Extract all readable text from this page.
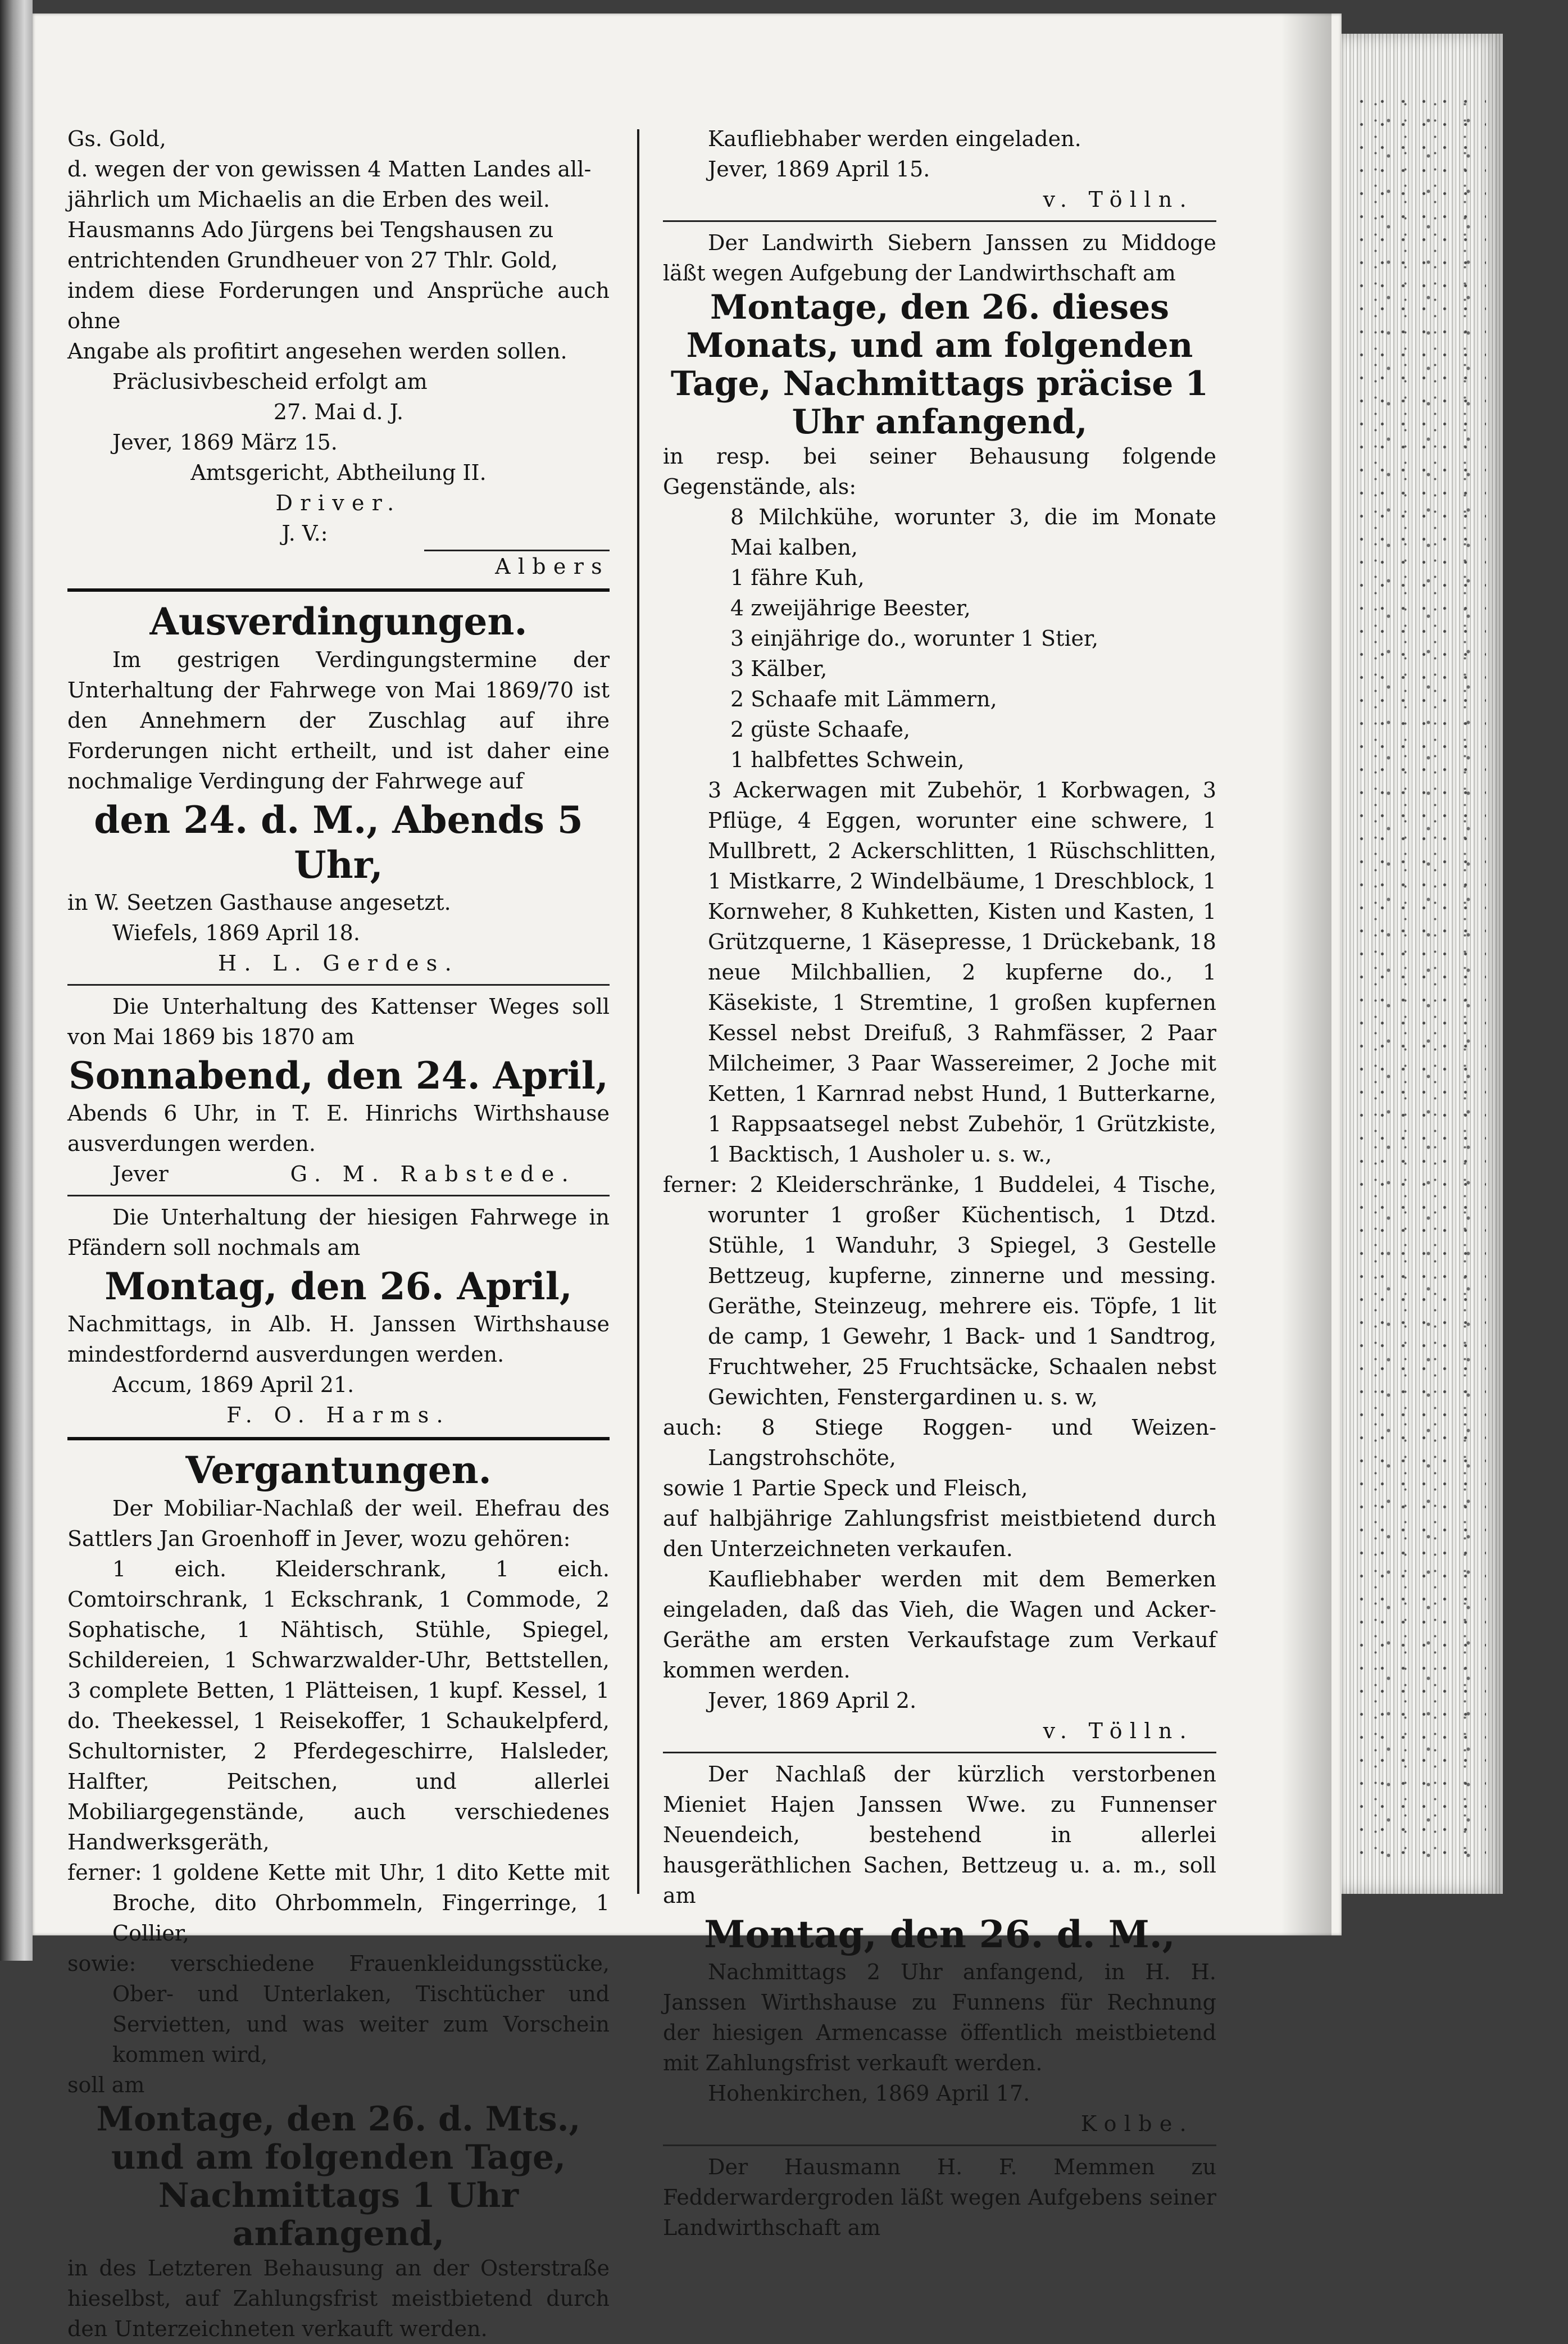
Gs. Gold,

d. wegen der von gewissen 4 Matten Landes all-

jährlich um Michaelis an die Erben des weil.

Hausmanns Ado Jürgens bei Tengshausen zu

entrichtenden Grundheuer von 27 Thlr. Gold,

indem diese Forderungen und Ansprüche auch ohne

Angabe als profitirt angesehen werden sollen.

Präclusivbescheid erfolgt am

27. Mai d. J.

Jever, 1869 März 15.

Amtsgericht, Abtheilung II.

Driver.

J. V.:

Albers

Ausverdingungen.

Im gestrigen Verdingungstermine der Unterhaltung der Fahrwege von Mai 1869/70 ist den Annehmern der Zuschlag auf ihre Forderungen nicht ertheilt, und ist daher eine nochmalige Verdingung der Fahrwege auf

den 24. d. M., Abends 5 Uhr,

in W. Seetzen Gasthause angesetzt.

Wiefels, 1869 April 18.

H. L. Gerdes.

Die Unterhaltung des Kattenser Weges soll von Mai 1869 bis 1870 am

Sonnabend, den 24. April,

Abends 6 Uhr, in T. E. Hinrichs Wirthshause ausverdungen werden.

Jever	G. M. Rabstede.

Die Unterhaltung der hiesigen Fahrwege in Pfändern soll nochmals am

Montag, den 26. April,

Nachmittags, in Alb. H. Janssen Wirthshause mindestfordernd ausverdungen werden.

Accum, 1869 April 21.

F. O. Harms.

Vergantungen.

Der Mobiliar-Nachlaß der weil. Ehefrau des Sattlers Jan Groenhoff in Jever, wozu gehören:

1 eich. Kleiderschrank, 1 eich. Comtoirschrank, 1 Eckschrank, 1 Commode, 2 Sophatische, 1 Nähtisch, Stühle, Spiegel, Schildereien, 1 Schwarzwalder-Uhr, Bettstellen, 3 complete Betten, 1 Plätteisen, 1 kupf. Kessel, 1 do. Theekessel, 1 Reisekoffer, 1 Schaukelpferd, Schultornister, 2 Pferdegeschirre, Halsleder, Halfter, Peitschen, und allerlei Mobiliargegenstände, auch verschiedenes Handwerksgeräth,

ferner: 1 goldene Kette mit Uhr, 1 dito Kette mit Broche, dito Ohrbommeln, Fingerringe, 1 Collier,

sowie: verschiedene Frauenkleidungsstücke, Ober- und Unterlaken, Tischtücher und Servietten, und was weiter zum Vorschein kommen wird,

soll am

Montage, den 26. d. Mts., und am folgenden Tage, Nachmittags 1 Uhr anfangend,

in des Letzteren Behausung an der Osterstraße hieselbst, auf Zahlungsfrist meistbietend durch den Unterzeichneten verkauft werden.

Kaufliebhaber werden eingeladen.

Jever, 1869 April 15.

v. Tölln.

Der Landwirth Siebern Janssen zu Middoge läßt wegen Aufgebung der Landwirthschaft am

Montage, den 26. dieses Monats, und am folgenden Tage, Nachmittags präcise 1 Uhr anfangend,

in resp. bei seiner Behausung folgende Gegenstände, als:

8 Milchkühe, worunter 3, die im Monate Mai kalben,

1 fähre Kuh,

4 zweijährige Beester,

3 einjährige do., worunter 1 Stier,

3 Kälber,

2 Schaafe mit Lämmern,

2 güste Schaafe,

1 halbfettes Schwein,

3 Ackerwagen mit Zubehör, 1 Korbwagen, 3 Pflüge, 4 Eggen, worunter eine schwere, 1 Mullbrett, 2 Ackerschlitten, 1 Rüschschlitten, 1 Mistkarre, 2 Windelbäume, 1 Dreschblock, 1 Kornweher, 8 Kuhketten, Kisten und Kasten, 1 Grützquerne, 1 Käsepresse, 1 Drückebank, 18 neue Milchballien, 2 kupferne do., 1 Käsekiste, 1 Stremtine, 1 großen kupfernen Kessel nebst Dreifuß, 3 Rahmfässer, 2 Paar Milcheimer, 3 Paar Wassereimer, 2 Joche mit Ketten, 1 Karnrad nebst Hund, 1 Butterkarne, 1 Rappsaatsegel nebst Zubehör, 1 Grützkiste, 1 Backtisch, 1 Ausholer u. s. w.,

ferner: 2 Kleiderschränke, 1 Buddelei, 4 Tische, worunter 1 großer Küchentisch, 1 Dtzd. Stühle, 1 Wanduhr, 3 Spiegel, 3 Gestelle Bettzeug, kupferne, zinnerne und messing. Geräthe, Steinzeug, mehrere eis. Töpfe, 1 lit de camp, 1 Gewehr, 1 Back- und 1 Sandtrog, Fruchtweher, 25 Fruchtsäcke, Schaalen nebst Gewichten, Fenstergardinen u. s. w,

auch: 8 Stiege Roggen- und Weizen-Langstrohschöte,

sowie 1 Partie Speck und Fleisch,

auf halbjährige Zahlungsfrist meistbietend durch den Unterzeichneten verkaufen.

Kaufliebhaber werden mit dem Bemerken eingeladen, daß das Vieh, die Wagen und Acker-Geräthe am ersten Verkaufstage zum Verkauf kommen werden.

Jever, 1869 April 2.

v. Tölln.

Der Nachlaß der kürzlich verstorbenen Mieniet Hajen Janssen Wwe. zu Funnenser Neuendeich, bestehend in allerlei hausgeräthlichen Sachen, Bettzeug u. a. m., soll am

Montag, den 26. d. M.,

Nachmittags 2 Uhr anfangend, in H. H. Janssen Wirthshause zu Funnens für Rechnung der hiesigen Armencasse öffentlich meistbietend mit Zahlungsfrist verkauft werden.

Hohenkirchen, 1869 April 17.

Kolbe.

Der Hausmann H. F. Memmen zu Fedderwardergroden läßt wegen Aufgebens seiner Landwirthschaft am
